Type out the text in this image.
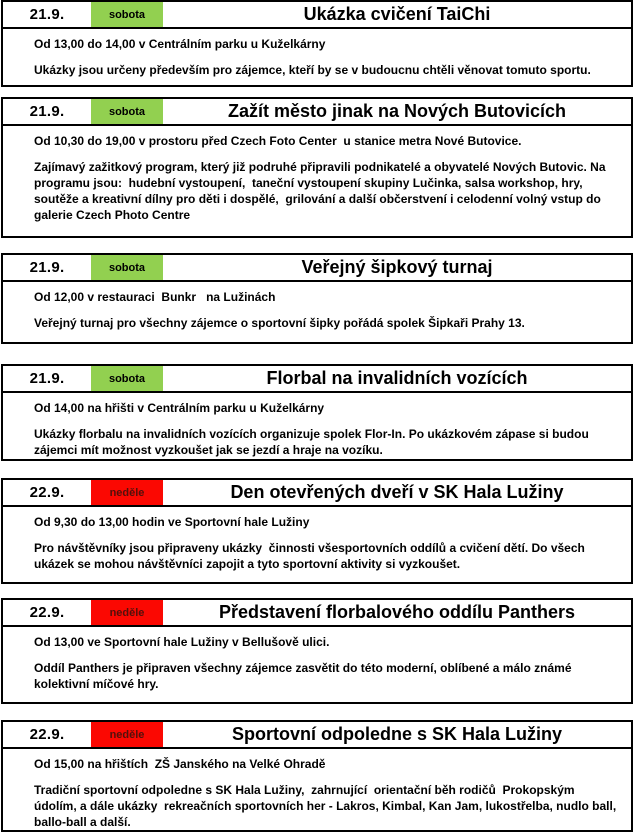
21.9.	sobota	Ukázka cvičení TaiChi

Od 13,00 do 14,00 v Centrálním parku u Kuželkárny

Ukázky jsou určeny především pro zájemce, kteří by se v budoucnu chtěli věnovat tomuto sportu.

21.9.	sobota	Zažít město jinak na Nových Butovicích

Od 10,30 do 19,00 v prostoru před Czech Foto Center  u stanice metra Nové Butovice.

Zajímavý zažitkový program, který již podruhé připravili podnikatelé a obyvatelé Nových Butovic. Na programu jsou:  hudební vystoupení,  taneční vystoupení skupiny Lučinka, salsa workshop, hry, soutěže a kreativní dílny pro děti i dospělé,  grilování a další občerstvení i celodenní volný vstup do galerie Czech Photo Centre

21.9.	sobota	Veřejný šipkový turnaj

Od 12,00 v restauraci  Bunkr   na Lužinách

Veřejný turnaj pro všechny zájemce o sportovní šipky pořádá spolek Šipkaři Prahy 13.

21.9.	sobota	Florbal na invalidních vozících

Od 14,00 na hřišti v Centrálním parku u Kuželkárny

Ukázky florbalu na invalidních vozících organizuje spolek Flor-In. Po ukázkovém zápase si budou zájemci mít možnost vyzkoušet jak se jezdí a hraje na vozíku.

22.9.	neděle	Den otevřených dveří v SK Hala Lužiny

Od 9,30 do 13,00 hodin ve Sportovní hale Lužiny

Pro návštěvníky jsou připraveny ukázky  činnosti všesportovních oddílů a cvičení dětí. Do všech ukázek se mohou návštěvníci zapojit a tyto sportovní aktivity si vyzkoušet.

22.9.	neděle	Představení florbalového oddílu Panthers

Od 13,00 ve Sportovní hale Lužiny v Bellušově ulici.

Oddíl Panthers je připraven všechny zájemce zasvětit do této moderní, oblíbené a málo známé kolektivní míčové hry.

22.9.	neděle	Sportovní odpoledne s SK Hala Lužiny

Od 15,00 na hřištích  ZŠ Janského na Velké Ohradě

Tradiční sportovní odpoledne s SK Hala Lužiny,  zahrnující  orientační běh rodičů  Prokopským údolím, a dále ukázky  rekreačních sportovních her - Lakros, Kimbal, Kan Jam, lukostřelba, nudlo ball, ballo-ball a další.
